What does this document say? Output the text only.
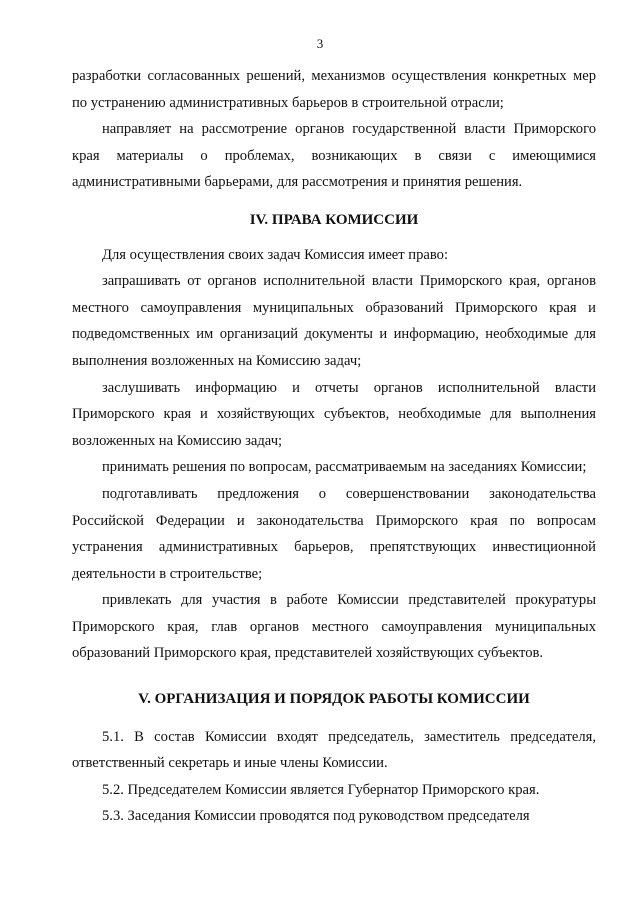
3

разработки согласованных решений, механизмов осуществления конкретных мер по устранению административных барьеров в строительной отрасли;

направляет на рассмотрение органов государственной власти Приморского края материалы о проблемах, возникающих в связи с имеющимися административными барьерами, для рассмотрения и принятия решения.

IV. ПРАВА КОМИССИИ

Для осуществления своих задач Комиссия имеет право:

запрашивать от органов исполнительной власти Приморского края, органов местного самоуправления муниципальных образований Приморского края и подведомственных им организаций документы и информацию, необходимые для выполнения возложенных на Комиссию задач;

заслушивать информацию и отчеты органов исполнительной власти Приморского края и хозяйствующих субъектов, необходимые для выполнения возложенных на Комиссию задач;

принимать решения по вопросам, рассматриваемым на заседаниях Комиссии;

подготавливать предложения о совершенствовании законодательства Российской Федерации и законодательства Приморского края по вопросам устранения административных барьеров, препятствующих инвестиционной деятельности в строительстве;

привлекать для участия в работе Комиссии представителей прокуратуры Приморского края, глав органов местного самоуправления муниципальных образований Приморского края, представителей хозяйствующих субъектов.

V. ОРГАНИЗАЦИЯ И ПОРЯДОК РАБОТЫ КОМИССИИ

5.1. В состав Комиссии входят председатель, заместитель председателя, ответственный секретарь и иные члены Комиссии.

5.2. Председателем Комиссии является Губернатор Приморского края.

5.3. Заседания Комиссии проводятся под руководством председателя
